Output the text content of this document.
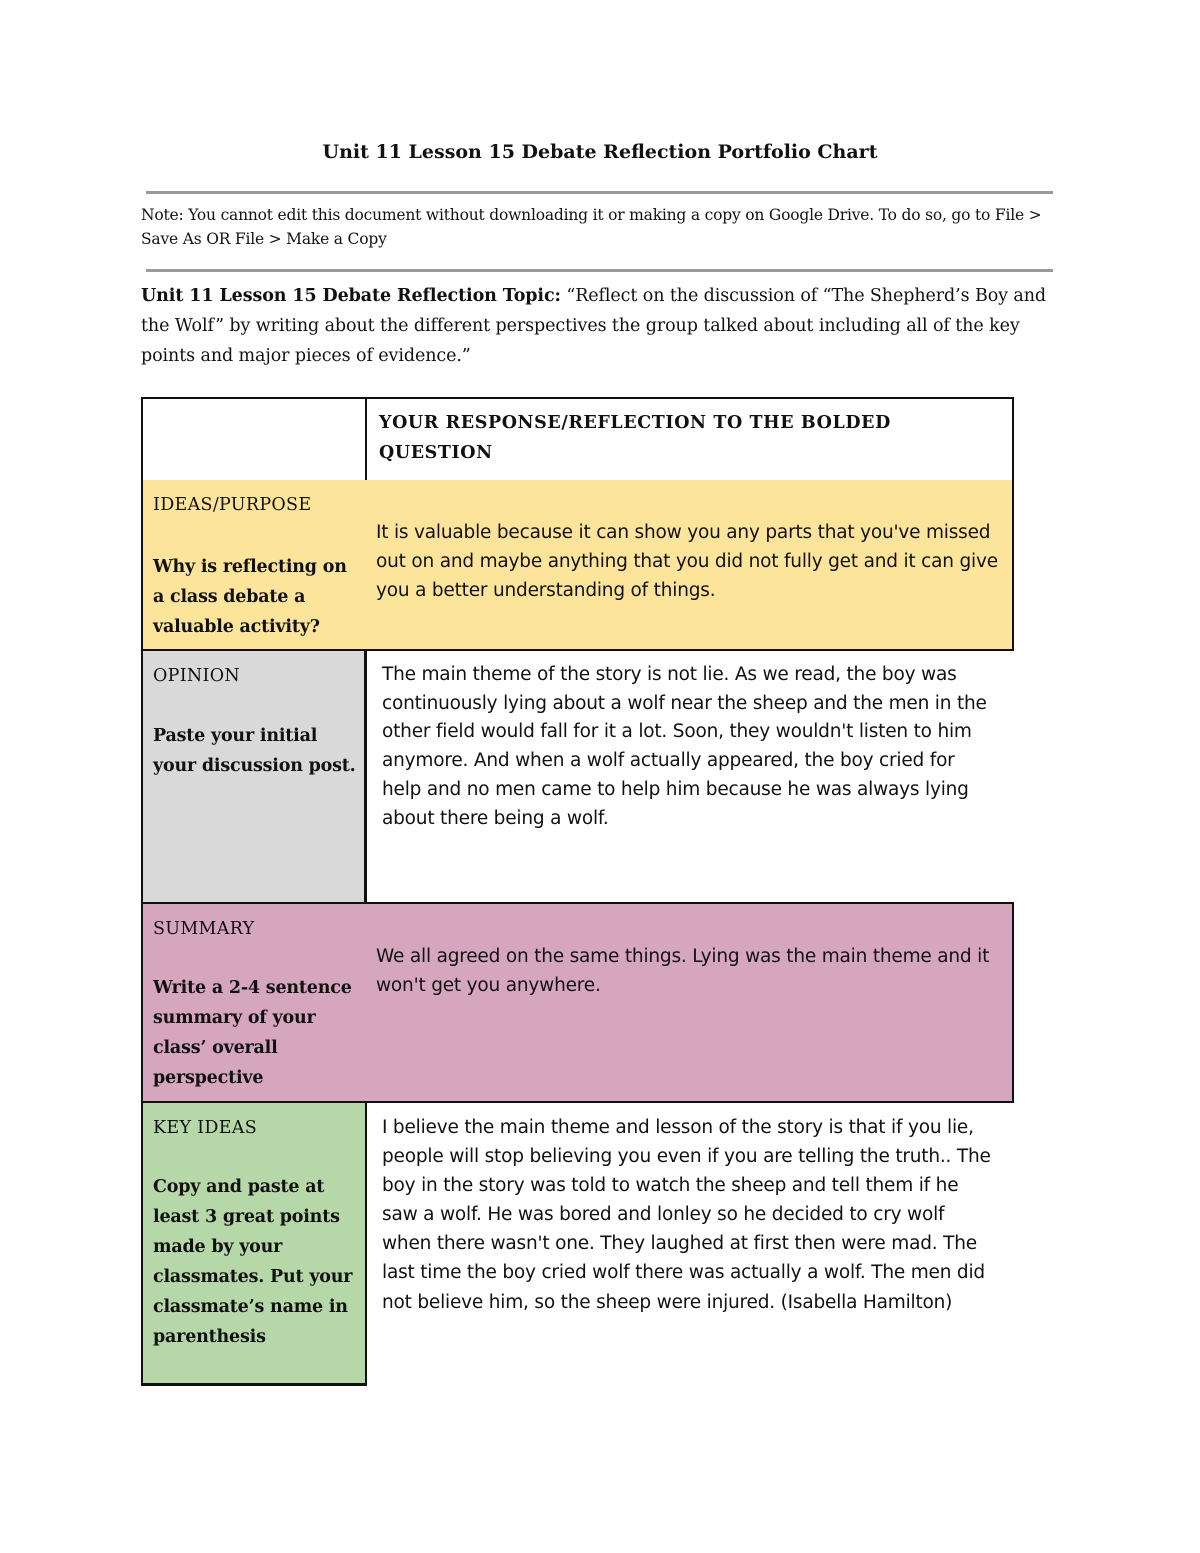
Unit 11 Lesson 15 Debate Reflection Portfolio Chart
Note: You cannot edit this document without downloading it or making a copy on Google Drive. To do so, go to File > Save As OR File > Make a Copy
Unit 11 Lesson 15 Debate Reflection Topic: “Reflect on the discussion of “The Shepherd’s Boy and the Wolf” by writing about the different perspectives the group talked about including all of the key points and major pieces of evidence.”
YOUR RESPONSE/REFLECTION TO THE BOLDED QUESTION
IDEAS/PURPOSE
Why is reflecting on a class debate a valuable activity?
It is valuable because it can show you any parts that you've missed out on and maybe anything that you did not fully get and it can give you a better understanding of things.
OPINION
Paste your initial your discussion post.
The main theme of the story is not lie. As we read, the boy was continuously lying about a wolf near the sheep and the men in the other field would fall for it a lot. Soon, they wouldn't listen to him anymore. And when a wolf actually appeared, the boy cried for help and no men came to help him because he was always lying about there being a wolf.
SUMMARY
Write a 2-4 sentence summary of your class’ overall perspective
We all agreed on the same things. Lying was the main theme and it won't get you anywhere.
KEY IDEAS
Copy and paste at least 3 great points made by your classmates. Put your classmate’s name in parenthesis
I believe the main theme and lesson of the story is that if you lie, people will stop believing you even if you are telling the truth.. The boy in the story was told to watch the sheep and tell them if he saw a wolf. He was bored and lonley so he decided to cry wolf when there wasn't one. They laughed at first then were mad. The last time the boy cried wolf there was actually a wolf. The men did not believe him, so the sheep were injured. (Isabella Hamilton)
